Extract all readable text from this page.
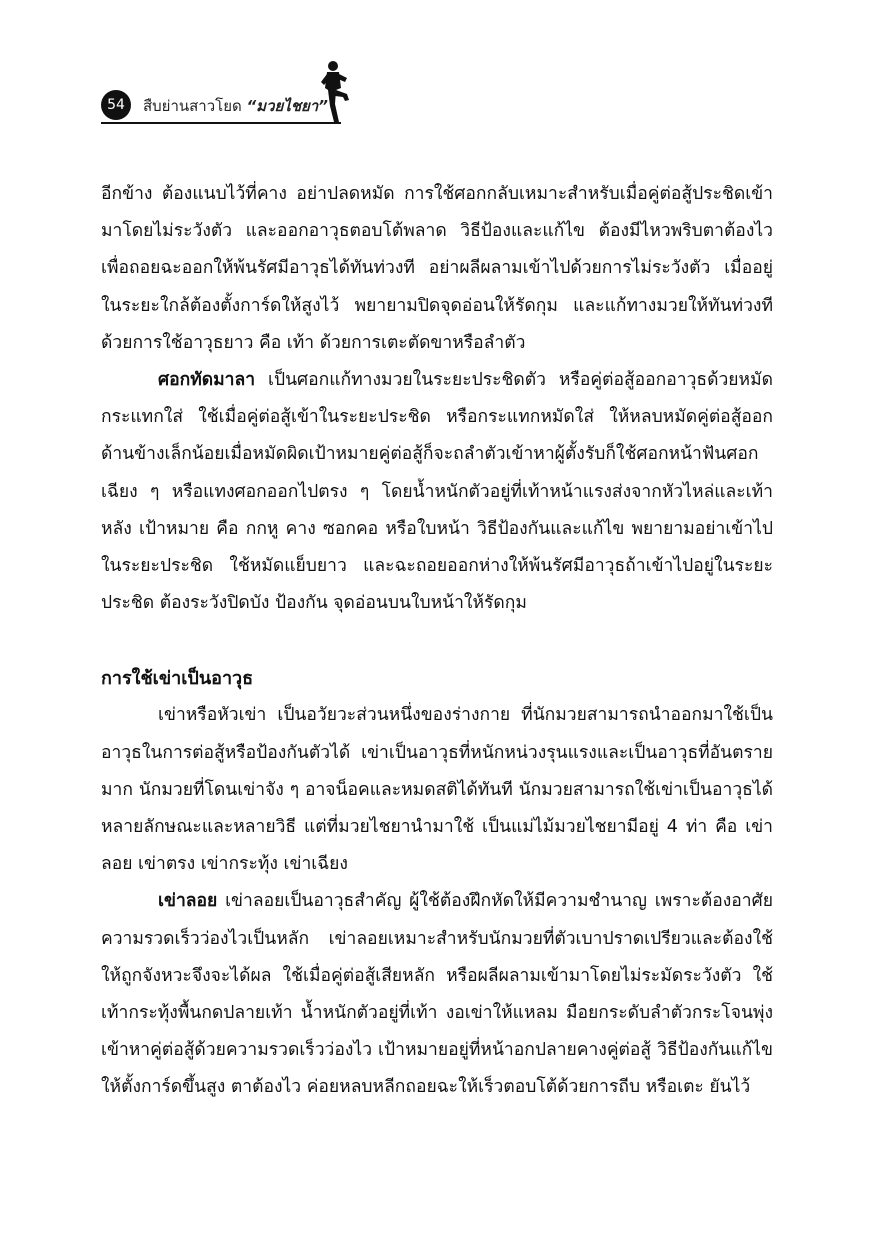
54	สืบย่านสาวโยด “มวยไชยา”

อีกข้าง ต้องแนบไว้ที่คาง อย่าปลดหมัด การใช้ศอกกลับเหมาะสำหรับเมื่อคู่ต่อสู้ประชิดเข้ามาโดยไม่ระวังตัว และออกอาวุธตอบโต้พลาด วิธีป้องและแก้ไข ต้องมีไหวพริบตาต้องไว เพื่อถอยฉะออกให้พ้นรัศมีอาวุธได้ทันท่วงที อย่าผลีผลามเข้าไปด้วยการไม่ระวังตัว เมื่ออยู่ในระยะใกล้ต้องตั้งการ์ดให้สูงไว้ พยายามปิดจุดอ่อนให้รัดกุม และแก้ทางมวยให้ทันท่วงที ด้วยการใช้อาวุธยาว คือ เท้า ด้วยการเตะตัดขาหรือลำตัว

ศอกทัดมาลา เป็นศอกแก้ทางมวยในระยะประชิดตัว หรือคู่ต่อสู้ออกอาวุธด้วยหมัดกระแทกใส่ ใช้เมื่อคู่ต่อสู้เข้าในระยะประชิด หรือกระแทกหมัดใส่ ให้หลบหมัดคู่ต่อสู้ออกด้านข้างเล็กน้อยเมื่อหมัดผิดเป้าหมายคู่ต่อสู้ก็จะถลำตัวเข้าหาผู้ตั้งรับก็ใช้ศอกหน้าฟันศอกเฉียง ๆ หรือแทงศอกออกไปตรง ๆ โดยน้ำหนักตัวอยู่ที่เท้าหน้าแรงส่งจากหัวไหล่และเท้าหลัง เป้าหมาย คือ กกหู คาง ซอกคอ หรือใบหน้า วิธีป้องกันและแก้ไข พยายามอย่าเข้าไปในระยะประชิด ใช้หมัดแย็บยาว และฉะถอยออกห่างให้พ้นรัศมีอาวุธถ้าเข้าไปอยู่ในระยะประชิด ต้องระวังปิดบัง ป้องกัน จุดอ่อนบนใบหน้าให้รัดกุม

การใช้เข่าเป็นอาวุธ

เข่าหรือหัวเข่า เป็นอวัยวะส่วนหนึ่งของร่างกาย ที่นักมวยสามารถนำออกมาใช้เป็นอาวุธในการต่อสู้หรือป้องกันตัวได้ เข่าเป็นอาวุธที่หนักหน่วงรุนแรงและเป็นอาวุธที่อันตรายมาก นักมวยที่โดนเข่าจัง ๆ อาจน็อคและหมดสติได้ทันที นักมวยสามารถใช้เข่าเป็นอาวุธได้หลายลักษณะและหลายวิธี แต่ที่มวยไชยานำมาใช้ เป็นแม่ไม้มวยไชยามีอยู่ 4 ท่า คือ เข่าลอย เข่าตรง เข่ากระทุ้ง เข่าเฉียง

เข่าลอย เข่าลอยเป็นอาวุธสำคัญ ผู้ใช้ต้องฝึกหัดให้มีความชำนาญ เพราะต้องอาศัยความรวดเร็วว่องไวเป็นหลัก เข่าลอยเหมาะสำหรับนักมวยที่ตัวเบาปราดเปรียวและต้องใช้ให้ถูกจังหวะจึงจะได้ผล ใช้เมื่อคู่ต่อสู้เสียหลัก หรือผลีผลามเข้ามาโดยไม่ระมัดระวังตัว ใช้เท้ากระทุ้งพื้นกดปลายเท้า น้ำหนักตัวอยู่ที่เท้า งอเข่าให้แหลม มือยกระดับลำตัวกระโจนพุ่งเข้าหาคู่ต่อสู้ด้วยความรวดเร็วว่องไว เป้าหมายอยู่ที่หน้าอกปลายคางคู่ต่อสู้ วิธีป้องกันแก้ไข ให้ตั้งการ์ดขึ้นสูง ตาต้องไว ค่อยหลบหลีกถอยฉะให้เร็วตอบโต้ด้วยการถีบ หรือเตะ ยันไว้
